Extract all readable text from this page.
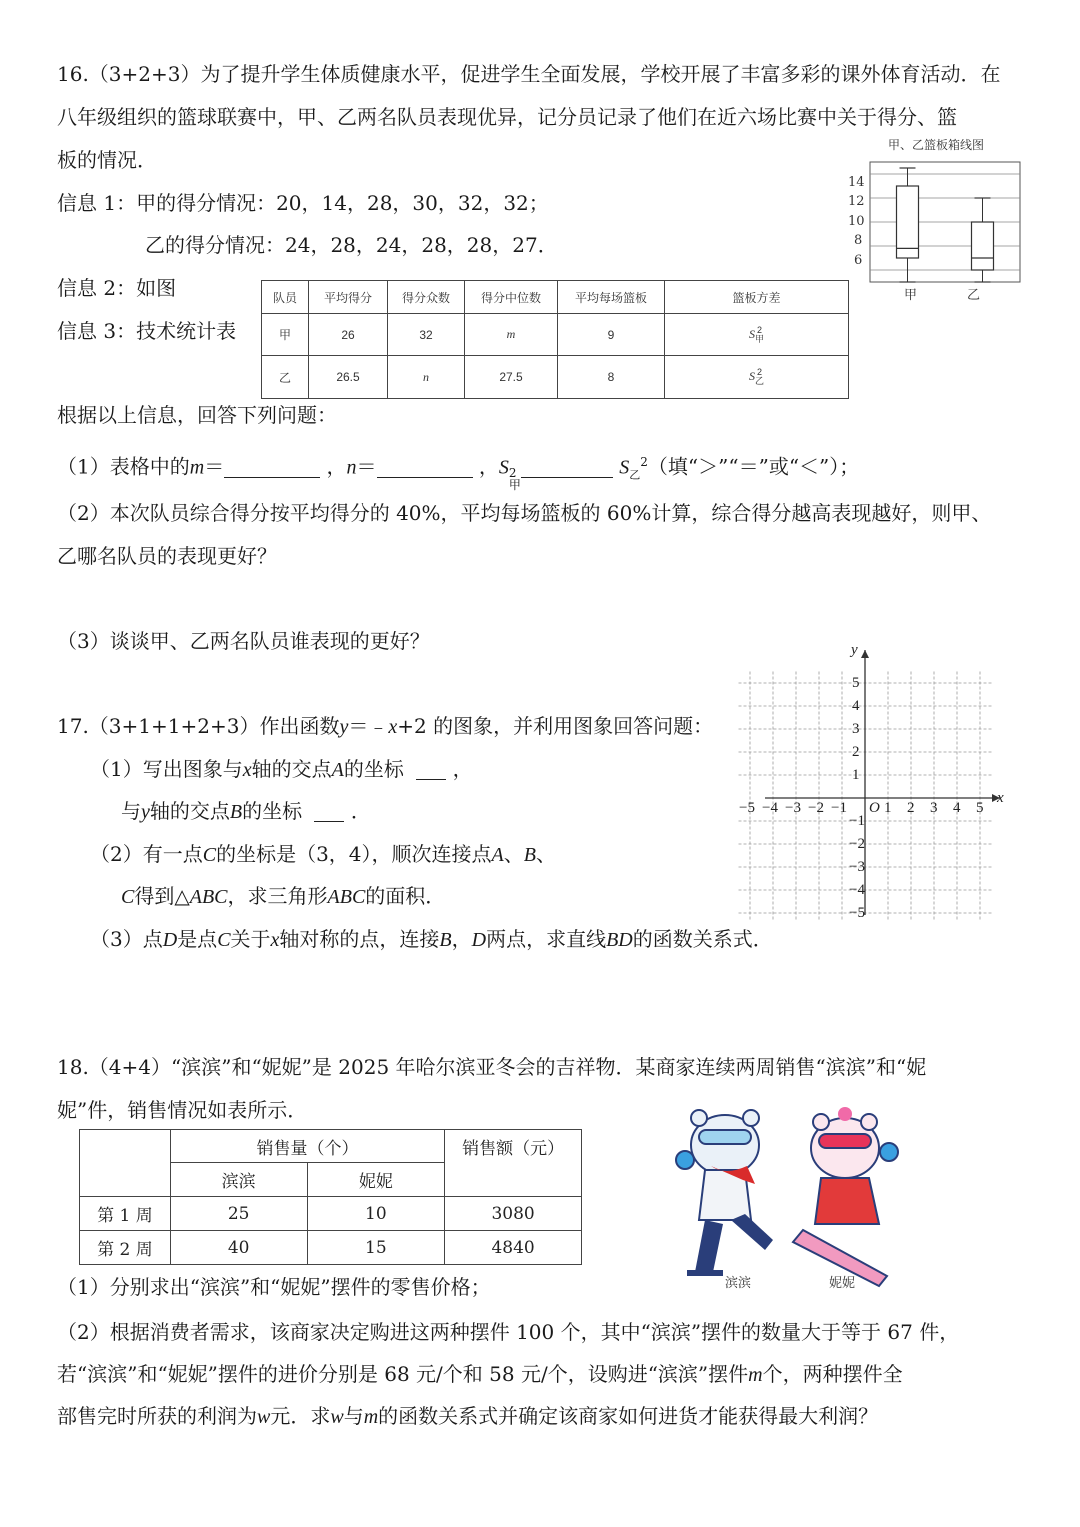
16.（3+2+3）为了提升学生体质健康水平，促进学生全面发展，学校开展了丰富多彩的课外体育活动．在
八年级组织的篮球联赛中，甲、乙两名队员表现优异，记分员记录了他们在近六场比赛中关于得分、篮
板的情况．
信息 1：甲的得分情况：20，14，28，30，32，32；
乙的得分情况：24，28，24，28，28，27．
信息 2：如图
信息 3：技术统计表
甲、乙篮板箱线图
14
12
10
8
6
甲	乙
队员	平均得分	得分众数	得分中位数	平均每场篮板	篮板方差
甲	26	32	m	9	S 2
甲

乙	26.5	n	27.5	8	S 2
乙
根据以上信息，回答下列问题：
（1）表格中的m＝	，n＝	，S 2
甲
$S_乙^2$（填“＞”“＝”或“＜”）；
（2）本次队员综合得分按平均得分的 40%，平均每场篮板的 60%计算，综合得分越高表现越好，则甲、
乙哪名队员的表现更好？
（3）谈谈甲、乙两名队员谁表现的更好？
17.（3+1+1+2+3）作出函数y＝﹣x+2 的图象，并利用图象回答问题：
（1）写出图象与x轴的交点A的坐标 ，
与y轴的交点B的坐标 ．
（2）有一点C的坐标是（3，4），顺次连接点A、B、
C得到△ABC，求三角形ABC的面积．
（3）点D是点C关于x轴对称的点，连接B，D两点，求直线BD的函数关系式．
−5 −4 −3 −2 −1 1 2 3 4 5
5
4
3
2
1
−1
−2
−3
−4
−5
O
x
y
18.（4+4）“滨滨”和“妮妮”是 2025 年哈尔滨亚冬会的吉祥物．某商家连续两周销售“滨滨”和“妮
妮”件，销售情况如表所示．
	销售量（个）		销售额（元）
	滨滨	妮妮	
第 1 周	25	10	3080
第 2 周	40	15	4840
滨滨	妮妮
（1）分别求出“滨滨”和“妮妮”摆件的零售价格；
（2）根据消费者需求，该商家决定购进这两种摆件 100 个，其中“滨滨”摆件的数量大于等于 67 件，
若“滨滨”和“妮妮”摆件的进价分别是 68 元/个和 58 元/个，设购进“滨滨”摆件m个，两种摆件全
部售完时所获的利润为w元．求w与m的函数关系式并确定该商家如何进货才能获得最大利润？
